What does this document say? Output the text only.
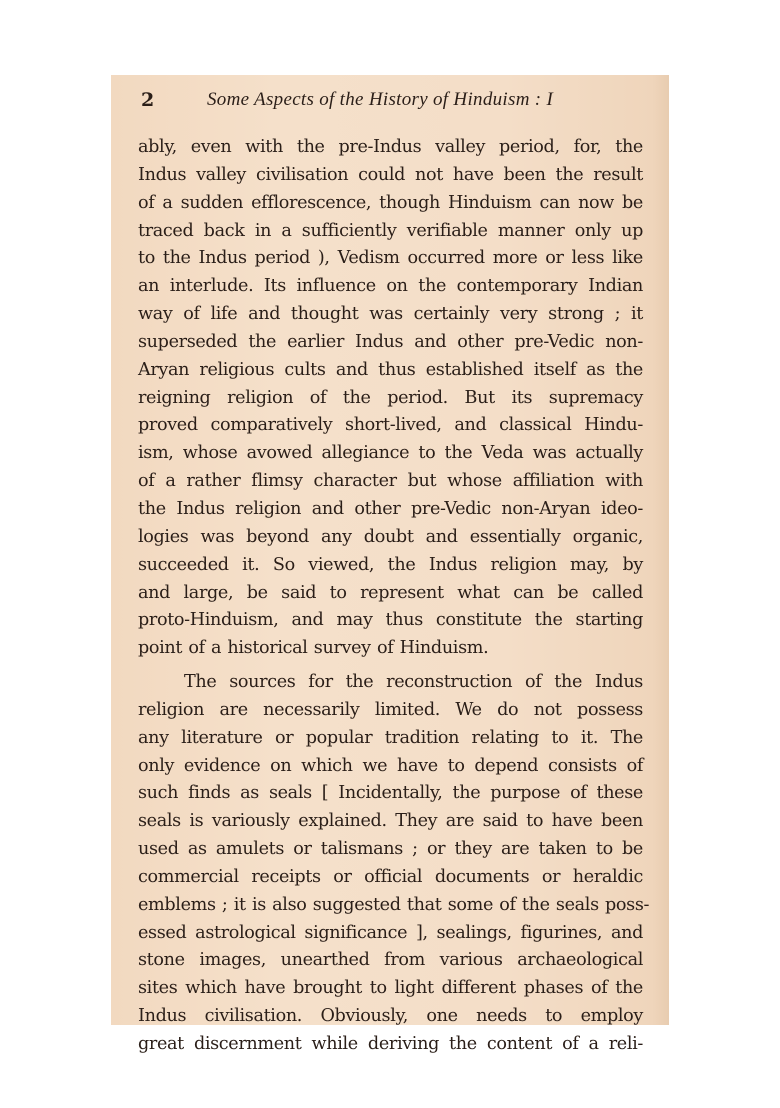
2	Some Aspects of the History of Hinduism : I
ably, even with the pre-Indus valley period, for, the
Indus valley civilisation could not have been the result
of a sudden efflorescence, though Hinduism can now be
traced back in a sufficiently verifiable manner only up
to the Indus period ), Vedism occurred more or less like
an interlude. Its influence on the contemporary Indian
way of life and thought was certainly very strong ; it
superseded the earlier Indus and other pre-Vedic non-
Aryan religious cults and thus established itself as the
reigning religion of the period. But its supremacy
proved comparatively short-lived, and classical Hindu-
ism, whose avowed allegiance to the Veda was actually
of a rather flimsy character but whose affiliation with
the Indus religion and other pre-Vedic non-Aryan ideo-
logies was beyond any doubt and essentially organic,
succeeded it. So viewed, the Indus religion may, by
and large, be said to represent what can be called
proto-Hinduism, and may thus constitute the starting
point of a historical survey of Hinduism.
The sources for the reconstruction of the Indus
religion are necessarily limited. We do not possess
any literature or popular tradition relating to it. The
only evidence on which we have to depend consists of
such finds as seals [ Incidentally, the purpose of these
seals is variously explained. They are said to have been
used as amulets or talismans ; or they are taken to be
commercial receipts or official documents or heraldic
emblems ; it is also suggested that some of the seals poss-
essed astrological significance ], sealings, figurines, and
stone images, unearthed from various archaeological
sites which have brought to light different phases of the
Indus civilisation. Obviously, one needs to employ
great discernment while deriving the content of a reli-
